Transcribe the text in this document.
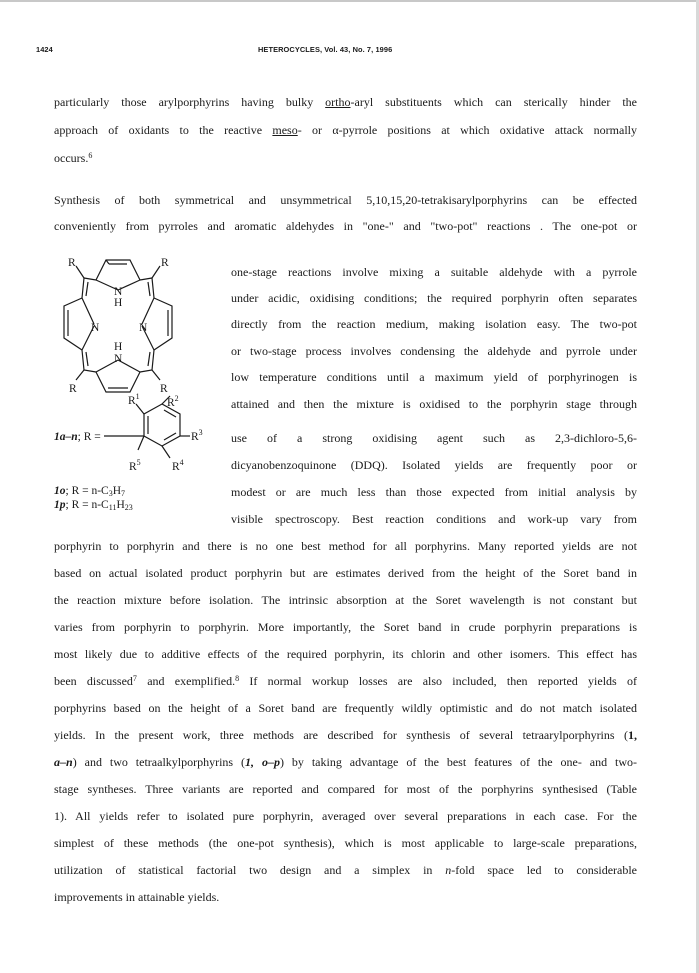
1424	HETEROCYCLES, Vol. 43, No. 7, 1996
particularly those arylporphyrins having bulky ortho-aryl substituents which can sterically hinder the
approach of oxidants to the reactive meso- or α-pyrrole positions at which oxidative attack normally
occurs.$^6$
Synthesis of both symmetrical and unsymmetrical 5,10,15,20-tetrakisarylporphyrins can be effected
conveniently from pyrroles and aromatic aldehydes in "one-" and "two-pot" reactions . The one-pot or
one-stage reactions involve mixing a suitable aldehyde with a pyrrole
under acidic, oxidising conditions; the required porphyrin often separates
directly from the reaction medium, making isolation easy. The two-pot
or two-stage process involves condensing the aldehyde and pyrrole under
low temperature conditions until a maximum yield of porphyrinogen is
attained and then the mixture is oxidised to the porphyrin stage through
use of a strong oxidising agent such as 2,3-dichloro-5,6-
dicyanobenzoquinone (DDQ). Isolated yields are frequently poor or
modest or are much less than those expected from initial analysis by
visible spectroscopy. Best reaction conditions and work-up vary from
porphyrin to porphyrin and there is no one best method for all porphyrins. Many reported yields are not
based on actual isolated product porphyrin but are estimates derived from the height of the Soret band in
the reaction mixture before isolation. The intrinsic absorption at the Soret wavelength is not constant but
varies from porphyrin to porphyrin. More importantly, the Soret band in crude porphyrin preparations is
most likely due to additive effects of the required porphyrin, its chlorin and other isomers. This effect has
been discussed$^7$ and exemplified.$^8$ If normal workup losses are also included, then reported yields of
porphyrins based on the height of a Soret band are frequently wildly optimistic and do not match isolated
yields. In the present work, three methods are described for synthesis of several tetraarylporphyrins (1,
a–n) and two tetraalkylporphyrins (1, o–p) by taking advantage of the best features of the one- and two-
stage syntheses. Three variants are reported and compared for most of the porphyrins synthesised (Table
1). All yields refer to isolated pure porphyrin, averaged over several preparations in each case. For the
simplest of these methods (the one-pot synthesis), which is most applicable to large-scale preparations,
utilization of statistical factorial two design and a simplex in n-fold space led to considerable
improvements in attainable yields.
R	R
R	R
N
H
N	N
H
N
$R^1$
$R^2$
$R^3$
$R^4$
$R^5$
1a–n; R =
1o; $R = n-C_3H_7$
1p; $R = n-C_{11}H_{23}$
